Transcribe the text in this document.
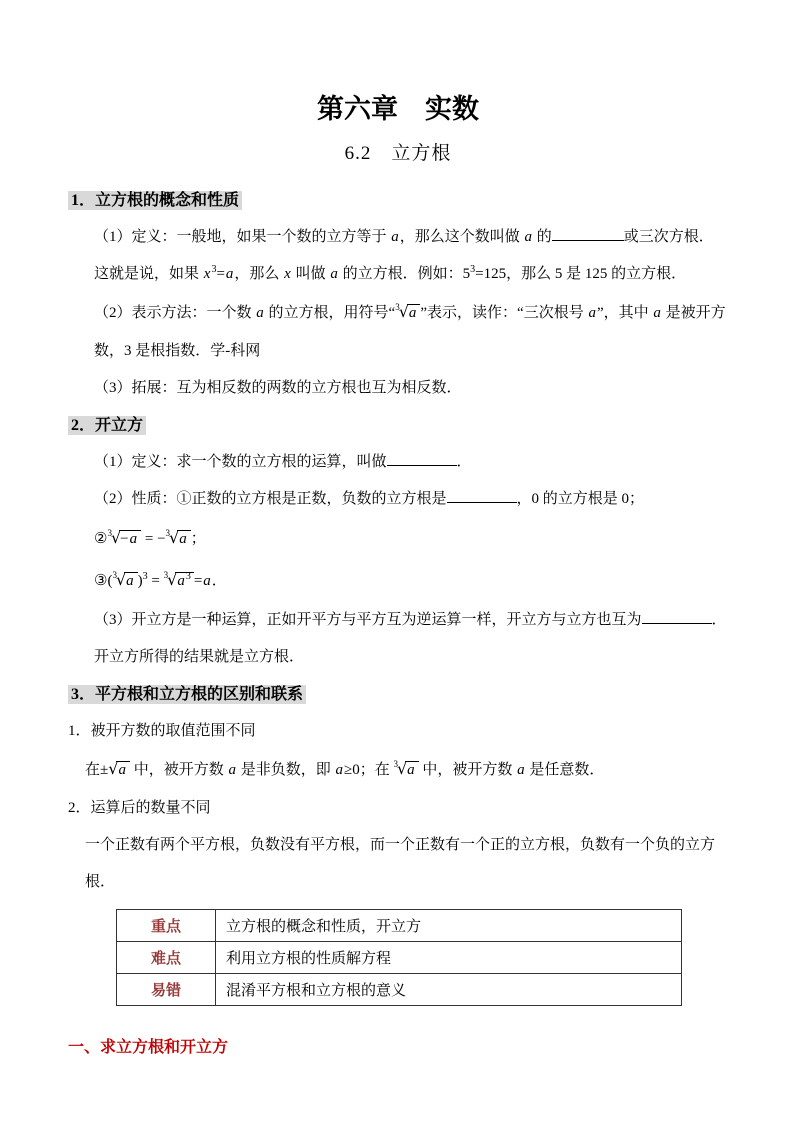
第六章　实数
6.2　立方根
1．立方根的概念和性质
（1）定义：一般地，如果一个数的立方等于 a，那么这个数叫做 a 的	或三次方根．这就是说，如果 $x^3=a$，那么 x 叫做 a 的立方根．例如：$5^3=125$，那么 5 是 125 的立方根．
（2）表示方法：一个数 a 的立方根，用符号“3√a ”表示，读作：“三次根号 a”，其中 a 是被开方数，3 是根指数．学-科网
（3）拓展：互为相反数的两数的立方根也互为相反数．
2．开立方
（1）定义：求一个数的立方根的运算，叫做	．
（2）性质：①正数的立方根是正数，负数的立方根是	，0 的立方根是 0；
②3√−a = −3√a ；
③(3√a )$^3 = 3√a^3 =a$．
（3）开立方是一种运算，正如开平方与平方互为逆运算一样，开立方与立方也互为	．开立方所得的结果就是立方根．
3．平方根和立方根的区别和联系
1．被开方数的取值范围不同
在±√a 中，被开方数 a 是非负数，即 a≥0；在 3√a 中，被开方数 a 是任意数．
2．运算后的数量不同
一个正数有两个平方根，负数没有平方根，而一个正数有一个正的立方根，负数有一个负的立方根．
重点	立方根的概念和性质，开立方
难点	利用立方根的性质解方程
易错	混淆平方根和立方根的意义
一、求立方根和开立方
